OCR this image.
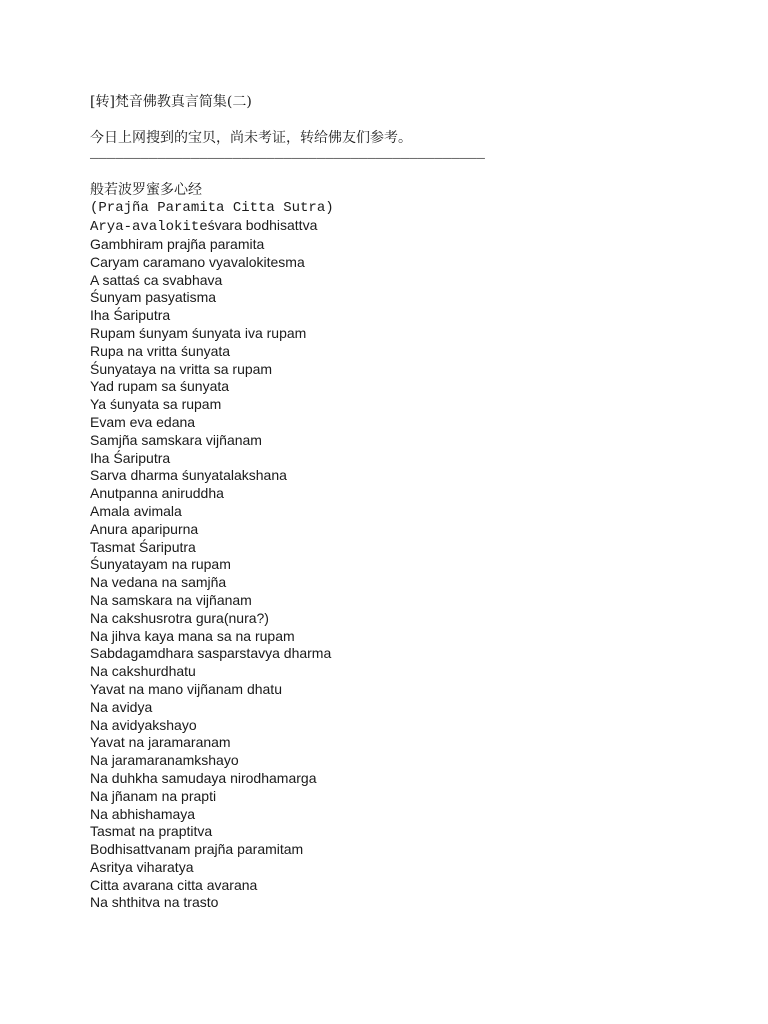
[转]梵音佛教真言简集(二)
今日上网搜到的宝贝，尚未考证，转给佛友们参考。
_______________________________________________
般若波罗蜜多心经
(Prajña Paramita Citta Sutra)
Arya-avalokiteśvara bodhisattva
Gambhiram prajña paramita
Caryam caramano vyavalokitesma
A sattaś ca svabhava
Śunyam pasyatisma
Iha Śariputra
Rupam śunyam śunyata iva rupam
Rupa na vritta śunyata
Śunyataya na vritta sa rupam
Yad rupam sa śunyata
Ya śunyata sa rupam
Evam eva edana
Samjña samskara vijñanam
Iha Śariputra
Sarva dharma śunyatalakshana
Anutpanna aniruddha
Amala avimala
Anura aparipurna
Tasmat Śariputra
Śunyatayam na rupam
Na vedana na samjña
Na samskara na vijñanam
Na cakshusrotra gura(nura?)
Na jihva kaya mana sa na rupam
Sabdagamdhara sasparstavya dharma
Na cakshurdhatu
Yavat na mano vijñanam dhatu
Na avidya
Na avidyakshayo
Yavat na jaramaranam
Na jaramaranamkshayo
Na duhkha samudaya nirodhamarga
Na jñanam na prapti
Na abhishamaya
Tasmat na praptitva
Bodhisattvanam prajña paramitam
Asritya viharatya
Citta avarana citta avarana
Na shthitva na trasto
